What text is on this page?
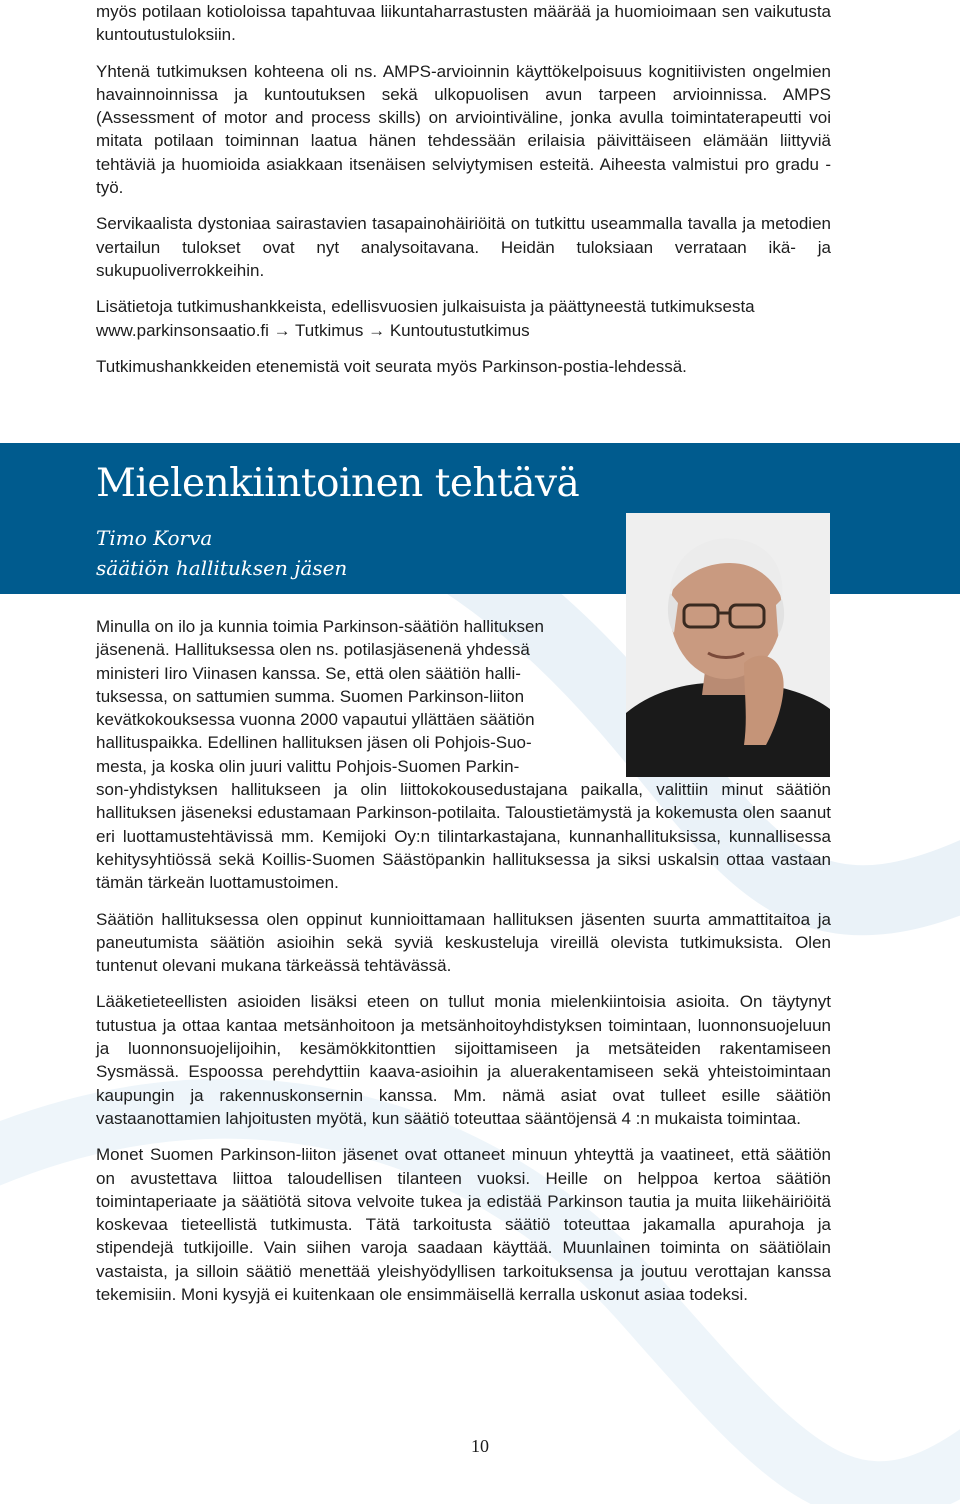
myös potilaan kotioloissa tapahtuvaa liikuntaharrastusten määrää ja huomioimaan sen vaikutusta kuntoutustuloksiin.

Yhtenä tutkimuksen kohteena oli ns. AMPS-arvioinnin käyttökelpoisuus kognitiivisten ongelmien havainnoinnissa ja kuntoutuksen sekä ulkopuolisen avun tarpeen arvioinnissa. AMPS (Assessment of motor and process skills) on arviointiväline, jonka avulla toimintaterapeutti voi mitata potilaan toiminnan laatua hänen tehdessään erilaisia päivittäiseen elämään liittyviä tehtäviä ja huomioida asiakkaan itsenäisen selviytymisen esteitä. Aiheesta valmistui pro gradu -työ.

Servikaalista dystoniaa sairastavien tasapainohäiriöitä on tutkittu useammalla tavalla ja metodien vertailun tulokset ovat nyt analysoitavana. Heidän tuloksiaan verrataan ikä- ja sukupuoliverrokkeihin.

Lisätietoja tutkimushankkeista, edellisvuosien julkaisuista ja päättyneestä tutkimuksesta www.parkinsonsaatio.fi → Tutkimus → Kuntoutustutkimus

Tutkimushankkeiden etenemistä voit seurata myös Parkinson-postia-lehdessä.

Mielenkiintoinen tehtävä
Timo Korva
säätiön hallituksen jäsen
Minulla on ilo ja kunnia toimia Parkinson-säätiön hallituksen
jäsenenä. Hallituksessa olen ns. potilasjäsenenä yhdessä
ministeri Iiro Viinasen kanssa. Se, että olen säätiön halli-
tuksessa, on sattumien summa. Suomen Parkinson-liiton
kevätkokouksessa vuonna 2000 vapautui yllättäen säätiön
hallituspaikka. Edellinen hallituksen jäsen oli Pohjois-Suo-
mesta, ja koska olin juuri valittu Pohjois-Suomen Parkin-

son-yhdistyksen hallitukseen ja olin liittokokousedustajana paikalla, valittiin minut säätiön hallituksen jäseneksi edustamaan Parkinson-potilaita. Taloustietämystä ja kokemusta olen saanut eri luottamustehtävissä mm. Kemijoki Oy:n tilintarkastajana, kunnanhallituksissa, kunnallisessa kehitysyhtiössä sekä Koillis-Suomen Säästöpankin hallituksessa ja siksi uskalsin ottaa vastaan tämän tärkeän luottamustoimen.

Säätiön hallituksessa olen oppinut kunnioittamaan hallituksen jäsenten suurta ammattitaitoa ja paneutumista säätiön asioihin sekä syviä keskusteluja vireillä olevista tutkimuksista. Olen tuntenut olevani mukana tärkeässä tehtävässä.

Lääketieteellisten asioiden lisäksi eteen on tullut monia mielenkiintoisia asioita. On täytynyt tutustua ja ottaa kantaa metsänhoitoon ja metsänhoitoyhdistyksen toimintaan, luonnonsuojeluun ja luonnonsuojelijoihin, kesämökkitonttien sijoittamiseen ja metsäteiden rakentamiseen Sysmässä. Espoossa perehdyttiin kaava-asioihin ja aluerakentamiseen sekä yhteistoimintaan kaupungin ja rakennuskonsernin kanssa. Mm. nämä asiat ovat tulleet esille säätiön vastaanottamien lahjoitusten myötä, kun säätiö toteuttaa sääntöjensä 4 :n mukaista toimintaa.

Monet Suomen Parkinson-liiton jäsenet ovat ottaneet minuun yhteyttä ja vaatineet, että säätiön on avustettava liittoa taloudellisen tilanteen vuoksi. Heille on helppoa kertoa säätiön toimintaperiaate ja säätiötä sitova velvoite tukea ja edistää Parkinson tautia ja muita liikehäiriöitä koskevaa tieteellistä tutkimusta. Tätä tarkoitusta säätiö toteuttaa jakamalla apurahoja ja stipendejä tutkijoille. Vain siihen varoja saadaan käyttää. Muunlainen toiminta on säätiölain vastaista, ja silloin säätiö menettää yleishyödyllisen tarkoituksensa ja joutuu verottajan kanssa tekemisiin. Moni kysyjä ei kuitenkaan ole ensimmäisellä kerralla uskonut asiaa todeksi.

10
